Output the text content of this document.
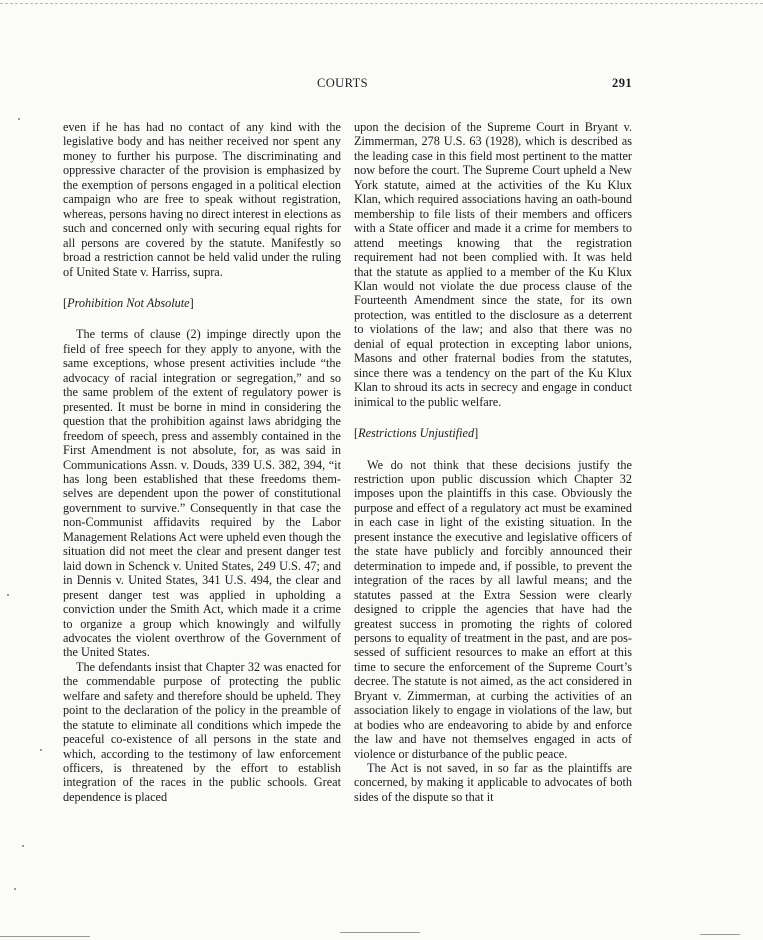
COURTS	291

even if he has had no contact of any kind with the legislative body and has neither received nor spent any money to further his purpose. The discriminating and oppressive character of the provision is emphasized by the exemption of persons engaged in a political election campaign who are free to speak without registration, whereas, persons having no direct interest in elections as such and concerned only with securing equal rights for all persons are covered by the statute. Manifestly so broad a restriction cannot be held valid under the ruling of United State v. Harriss, supra.

[Prohibition Not Absolute]

The terms of clause (2) impinge directly upon the field of free speech for they apply to anyone, with the same exceptions, whose present activities include “the advocacy of racial integration or segregation,” and so the same problem of the extent of regulatory power is presented. It must be borne in mind in considering the question that the prohibition against laws abridging the freedom of speech, press and assembly contained in the First Amendment is not absolute, for, as was said in Communications Assn. v. Douds, 339 U.S. 382, 394, “it has long been established that these freedoms themselves are dependent upon the power of constitutional government to survive.” Consequently in that case the non-Communist affidavits required by the Labor Management Relations Act were upheld even though the situation did not meet the clear and present danger test laid down in Schenck v. United States, 249 U.S. 47; and in Dennis v. United States, 341 U.S. 494, the clear and present danger test was applied in upholding a conviction under the Smith Act, which made it a crime to organize a group which knowingly and wilfully advocates the violent overthrow of the Government of the United States.

The defendants insist that Chapter 32 was enacted for the commendable purpose of protecting the public welfare and safety and therefore should be upheld. They point to the declaration of the policy in the preamble of the statute to eliminate all conditions which impede the peaceful co-existence of all persons in the state and which, according to the testimony of law enforcement officers, is threatened by the effort to establish integration of the races in the public schools. Great dependence is placed

upon the decision of the Supreme Court in Bryant v. Zimmerman, 278 U.S. 63 (1928), which is described as the leading case in this field most pertinent to the matter now before the court. The Supreme Court upheld a New York statute, aimed at the activities of the Ku Klux Klan, which required associations having an oath-bound membership to file lists of their members and officers with a State officer and made it a crime for members to attend meetings knowing that the registration requirement had not been complied with. It was held that the statute as applied to a member of the Ku Klux Klan would not violate the due process clause of the Fourteenth Amendment since the state, for its own protection, was entitled to the disclosure as a deterrent to violations of the law; and also that there was no denial of equal protection in excepting labor unions, Masons and other fraternal bodies from the statutes, since there was a tendency on the part of the Ku Klux Klan to shroud its acts in secrecy and engage in conduct inimical to the public welfare.

[Restrictions Unjustified]

We do not think that these decisions justify the restriction upon public discussion which Chapter 32 imposes upon the plaintiffs in this case. Obviously the purpose and effect of a regulatory act must be examined in each case in light of the existing situation. In the present instance the executive and legislative officers of the state have publicly and forcibly announced their determination to impede and, if possible, to prevent the integration of the races by all lawful means; and the statutes passed at the Extra Session were clearly designed to cripple the agencies that have had the greatest success in promoting the rights of colored persons to equality of treatment in the past, and are possessed of sufficient resources to make an effort at this time to secure the enforcement of the Supreme Court’s decree. The statute is not aimed, as the act considered in Bryant v. Zimmerman, at curbing the activities of an association likely to engage in violations of the law, but at bodies who are endeavoring to abide by and enforce the law and have not themselves engaged in acts of violence or disturbance of the public peace.

The Act is not saved, in so far as the plaintiffs are concerned, by making it applicable to advocates of both sides of the dispute so that it
